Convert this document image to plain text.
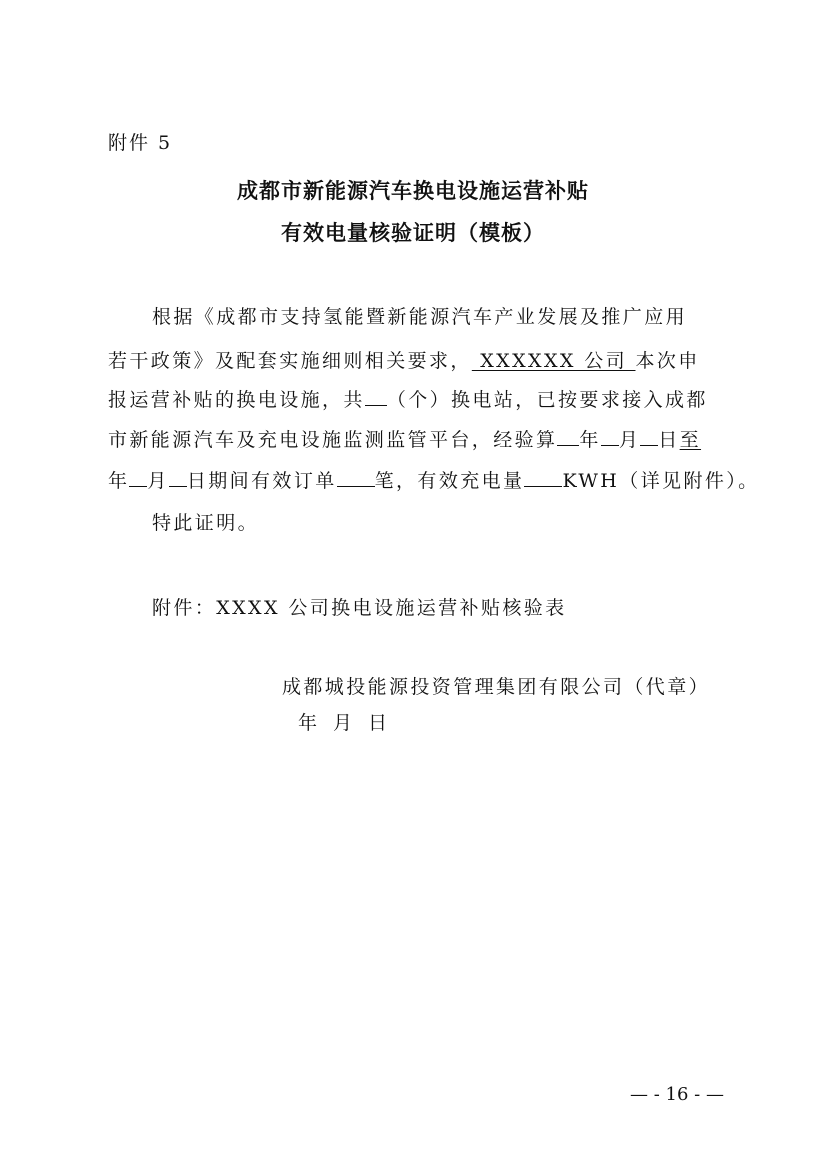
附件 5
成都市新能源汽车换电设施运营补贴
有效电量核验证明（模板）
根据《成都市支持氢能暨新能源汽车产业发展及推广应用
若干政策》及配套实施细则相关要求， XXXXXX 公司 本次申
报运营补贴的换电设施，共 （个）换电站，已按要求接入成都
市新能源汽车及充电设施监测监管平台，经验算 年 月 日至
年 月 日期间有效订单 笔，有效充电量 KWH（详见附件）。
特此证明。
附件：XXXX 公司换电设施运营补贴核验表
成都城投能源投资管理集团有限公司（代章）
年 月 日
— - 16 - —
